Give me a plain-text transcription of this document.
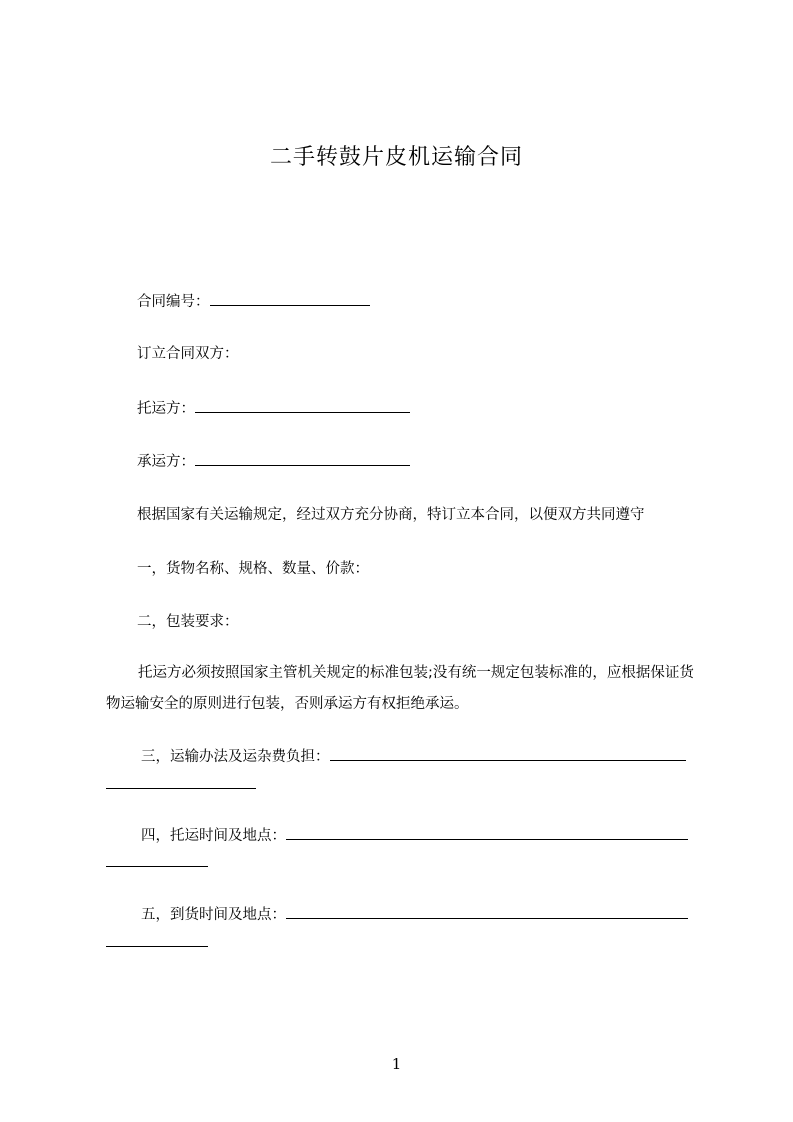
二手转鼓片皮机运输合同
合同编号：
订立合同双方：
托运方：
承运方：
根据国家有关运输规定，经过双方充分协商，特订立本合同，以便双方共同遵守
一，货物名称、规格、数量、价款：
二，包装要求：
托运方必须按照国家主管机关规定的标准包装;没有统一规定包装标准的，应根据保证货物运输安全的原则进行包装，否则承运方有权拒绝承运。
三，运输办法及运杂费负担：
四，托运时间及地点：
五，到货时间及地点：
1
